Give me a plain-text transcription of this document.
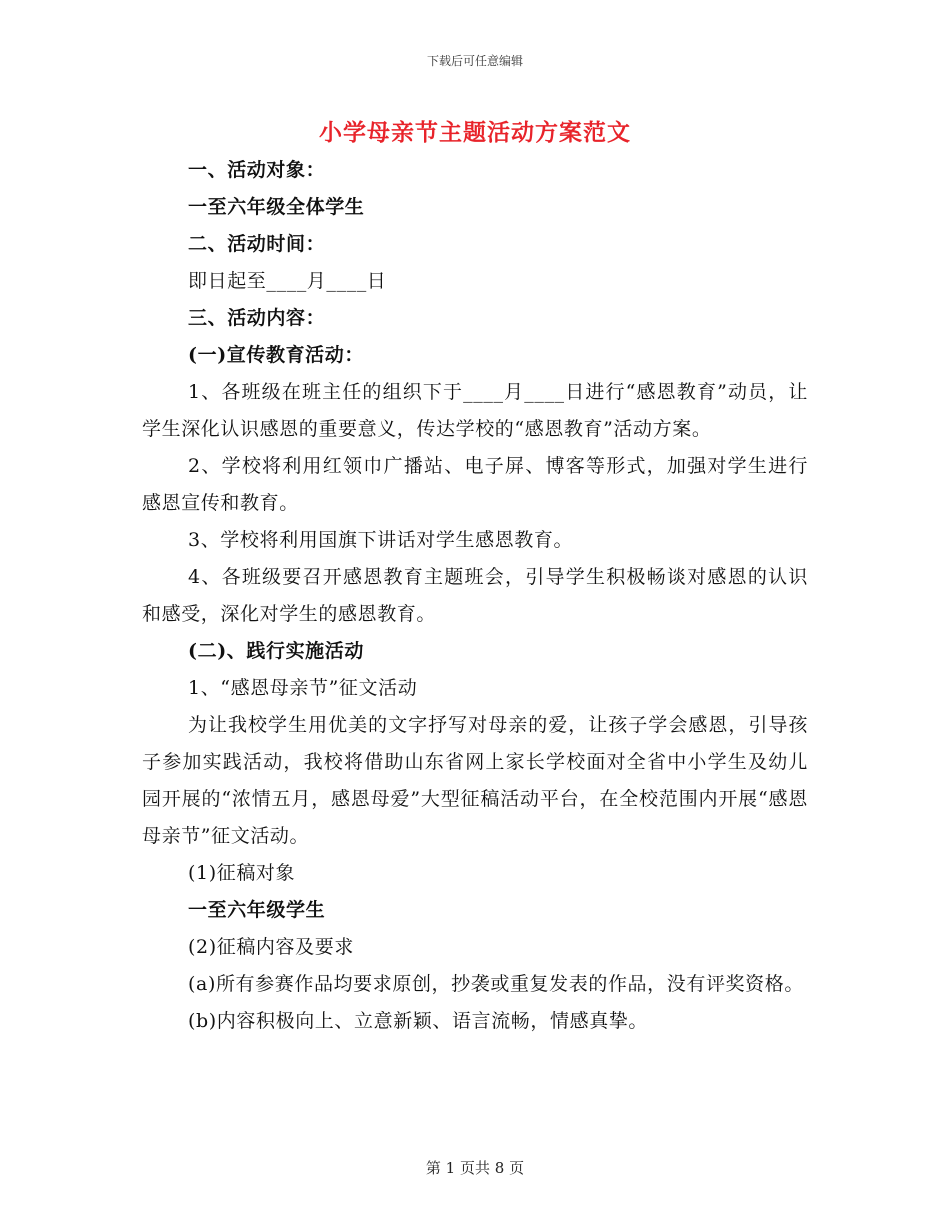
下载后可任意编辑
小学母亲节主题活动方案范文

一、活动对象：

一至六年级全体学生

二、活动时间：

即日起至____月____日

三、活动内容：

(一)宣传教育活动：

1、各班级在班主任的组织下于____月____日进行“感恩教育”动员，让学生深化认识感恩的重要意义，传达学校的“感恩教育”活动方案。

2、学校将利用红领巾广播站、电子屏、博客等形式，加强对学生进行感恩宣传和教育。

3、学校将利用国旗下讲话对学生感恩教育。

4、各班级要召开感恩教育主题班会，引导学生积极畅谈对感恩的认识和感受，深化对学生的感恩教育。

(二)、践行实施活动

1、“感恩母亲节”征文活动

为让我校学生用优美的文字抒写对母亲的爱，让孩子学会感恩，引导孩子参加实践活动，我校将借助山东省网上家长学校面对全省中小学生及幼儿园开展的“浓情五月，感恩母爱”大型征稿活动平台，在全校范围内开展“感恩母亲节”征文活动。

(1)征稿对象

一至六年级学生

(2)征稿内容及要求

(a)所有参赛作品均要求原创，抄袭或重复发表的作品，没有评奖资格。

(b)内容积极向上、立意新颖、语言流畅，情感真挚。

第 1 页共 8 页
